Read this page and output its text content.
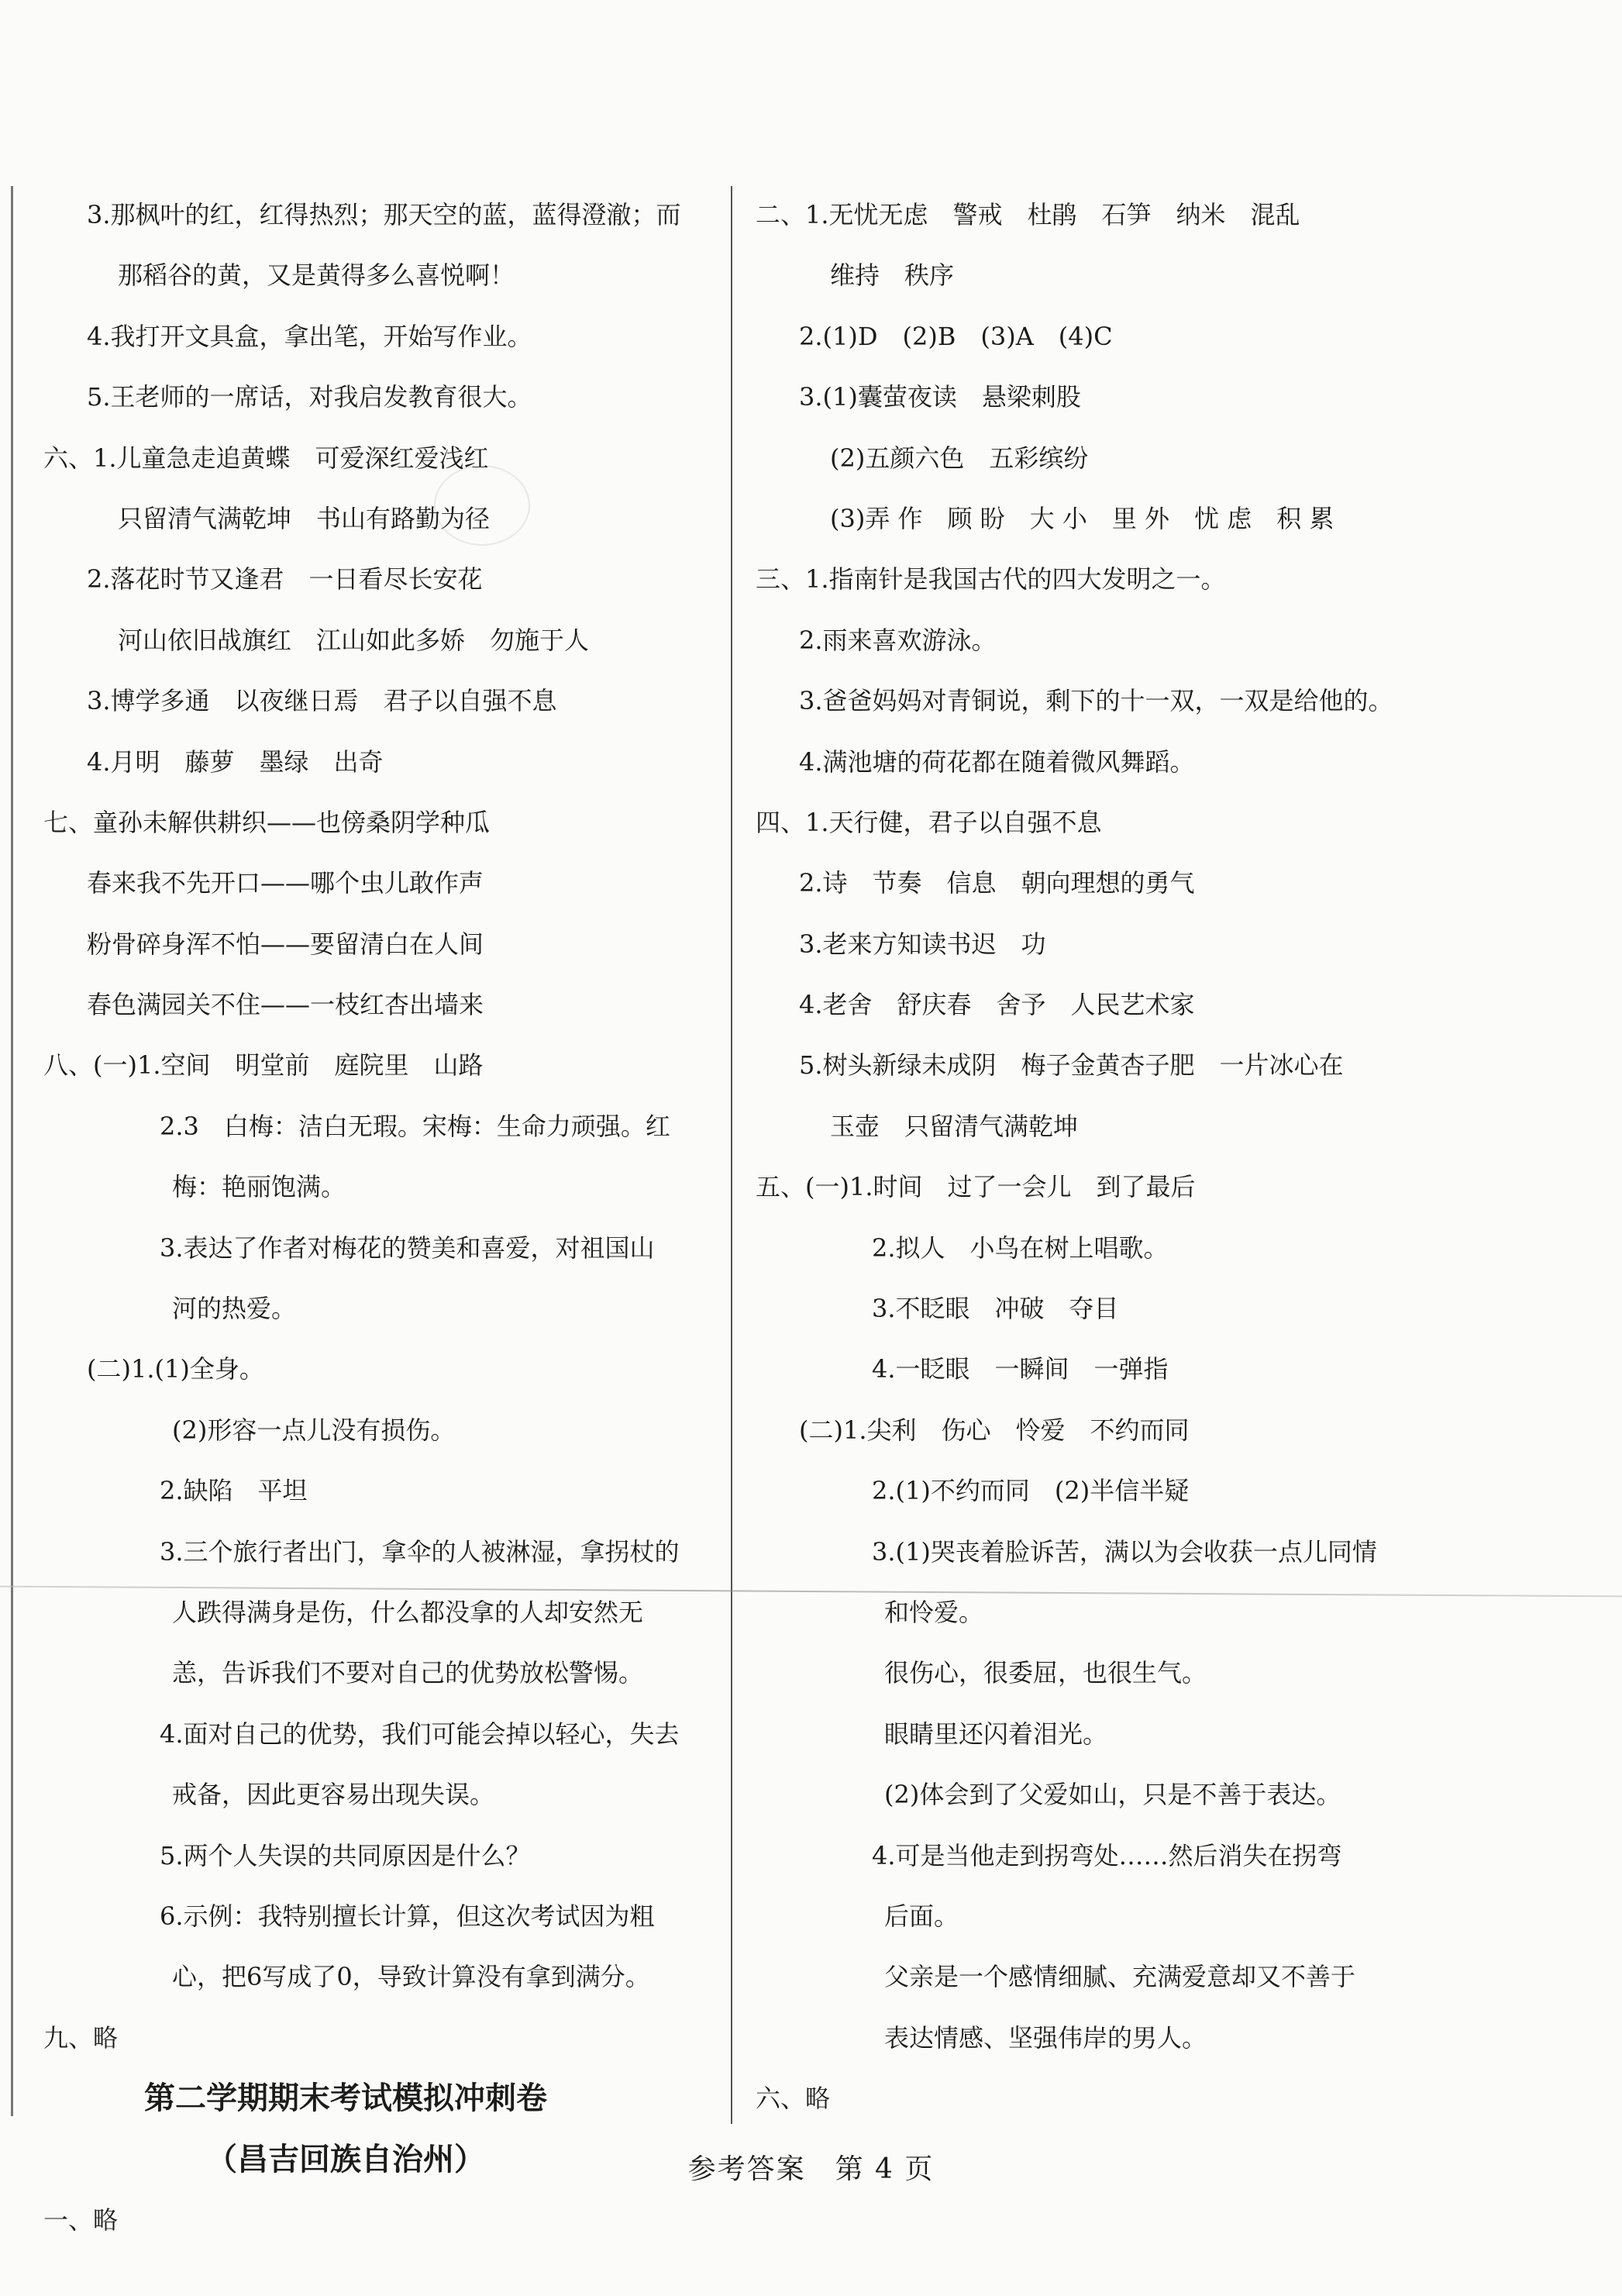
3.那枫叶的红，红得热烈；那天空的蓝，蓝得澄澈；而
那稻谷的黄，又是黄得多么喜悦啊！
4.我打开文具盒，拿出笔，开始写作业。
5.王老师的一席话，对我启发教育很大。
六、1.儿童急走追黄蝶　可爱深红爱浅红
只留清气满乾坤　书山有路勤为径
2.落花时节又逢君　一日看尽长安花
河山依旧战旗红　江山如此多娇　勿施于人
3.博学多通　以夜继日焉　君子以自强不息
4.月明　藤萝　墨绿　出奇
七、童孙未解供耕织——也傍桑阴学种瓜
春来我不先开口——哪个虫儿敢作声
粉骨碎身浑不怕——要留清白在人间
春色满园关不住——一枝红杏出墙来
八、(一)1.空间　明堂前　庭院里　山路
2.3　白梅：洁白无瑕。宋梅：生命力顽强。红
梅：艳丽饱满。
3.表达了作者对梅花的赞美和喜爱，对祖国山
河的热爱。
(二)1.(1)全身。
(2)形容一点儿没有损伤。
2.缺陷　平坦
3.三个旅行者出门，拿伞的人被淋湿，拿拐杖的
人跌得满身是伤，什么都没拿的人却安然无
恙，告诉我们不要对自己的优势放松警惕。
4.面对自己的优势，我们可能会掉以轻心，失去
戒备，因此更容易出现失误。
5.两个人失误的共同原因是什么？
6.示例：我特别擅长计算，但这次考试因为粗
心，把6写成了0，导致计算没有拿到满分。
九、略
第二学期期末考试模拟冲刺卷
（昌吉回族自治州）
一、略
二、1.无忧无虑　警戒　杜鹃　石笋　纳米　混乱
维持　秩序
2.(1)D　(2)B　(3)A　(4)C
3.(1)囊萤夜读　悬梁刺股
(2)五颜六色　五彩缤纷
(3)弄 作　顾 盼　大 小　里 外　忧 虑　积 累
三、1.指南针是我国古代的四大发明之一。
2.雨来喜欢游泳。
3.爸爸妈妈对青铜说，剩下的十一双，一双是给他的。
4.满池塘的荷花都在随着微风舞蹈。
四、1.天行健，君子以自强不息
2.诗　节奏　信息　朝向理想的勇气
3.老来方知读书迟　功
4.老舍　舒庆春　舍予　人民艺术家
5.树头新绿未成阴　梅子金黄杏子肥　一片冰心在
玉壶　只留清气满乾坤
五、(一)1.时间　过了一会儿　到了最后
2.拟人　小鸟在树上唱歌。
3.不眨眼　冲破　夺目
4.一眨眼　一瞬间　一弹指
(二)1.尖利　伤心　怜爱　不约而同
2.(1)不约而同　(2)半信半疑
3.(1)哭丧着脸诉苦，满以为会收获一点儿同情
和怜爱。
很伤心，很委屈，也很生气。
眼睛里还闪着泪光。
(2)体会到了父爱如山，只是不善于表达。
4.可是当他走到拐弯处……然后消失在拐弯
后面。
父亲是一个感情细腻、充满爱意却又不善于
表达情感、坚强伟岸的男人。
六、略
参考答案　第 4 页
